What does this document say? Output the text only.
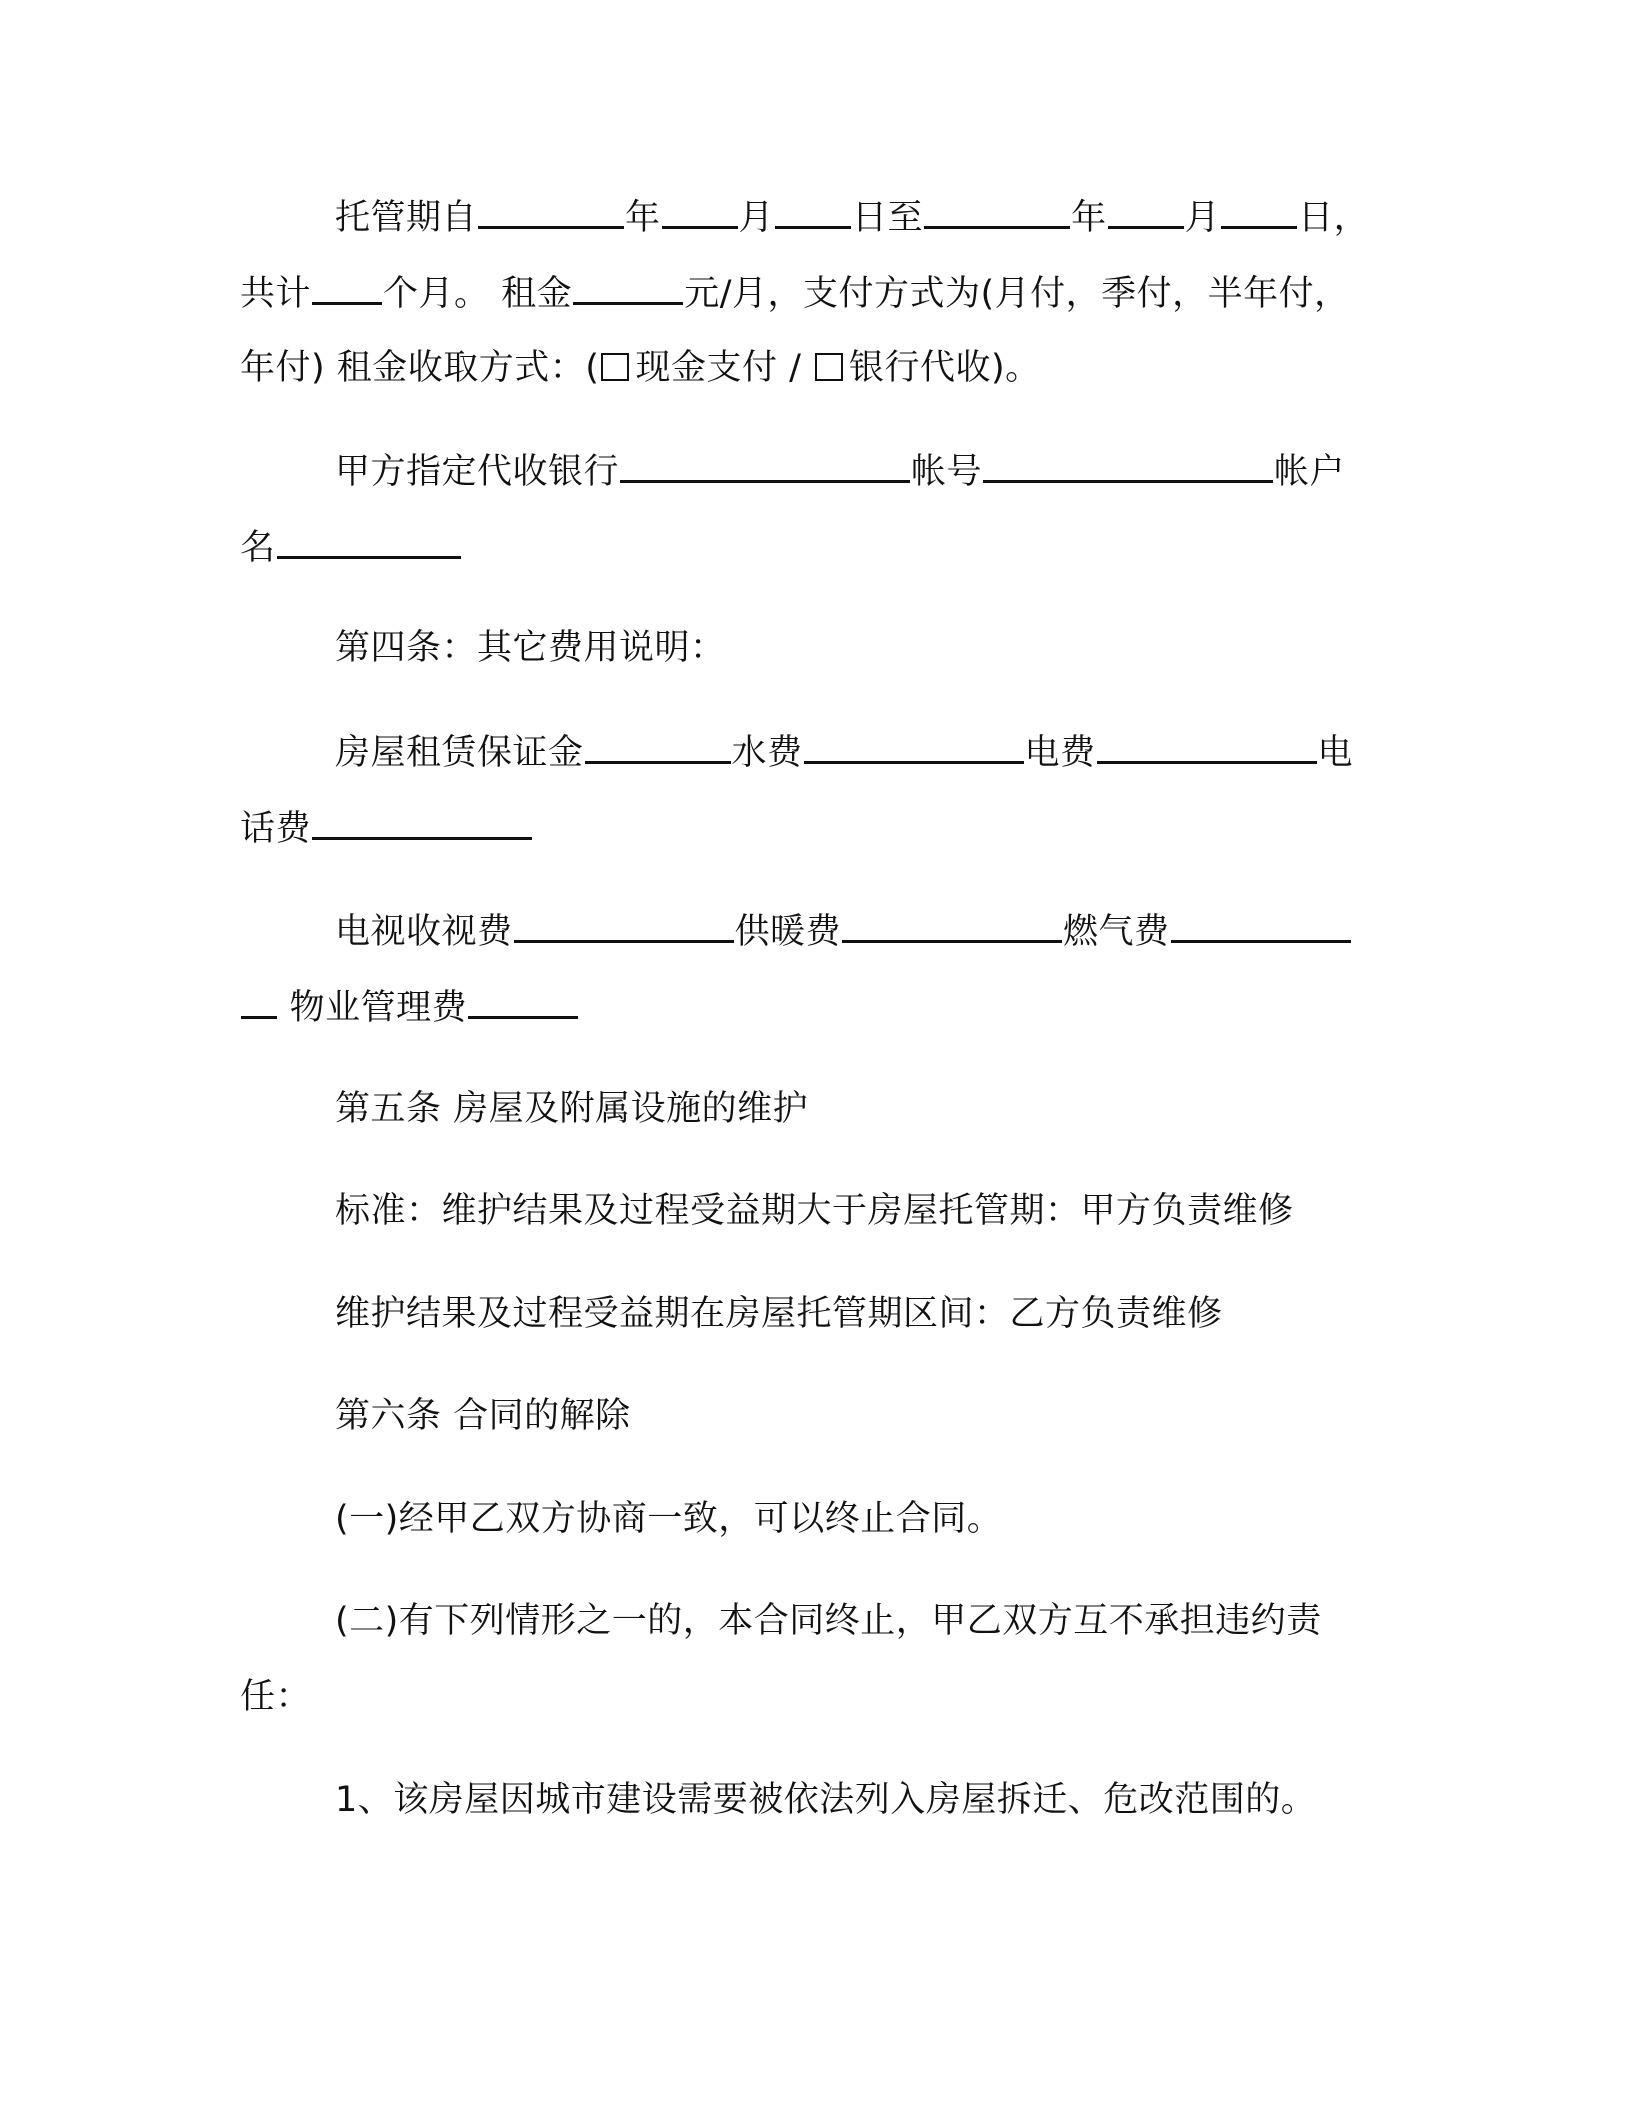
托管期自	年 月 日至	年 月 日，
共计 个月。 租金	元/月，支付方式为(月付，季付，半年付，
年付) 租金收取方式：( 现金支付 / 银行代收)。
甲方指定代收银行	帐号	帐户
名
第四条：其它费用说明：
房屋租赁保证金	水费	电费	电
话费
电视收视费	供暖费	燃气费
物业管理费
第五条 房屋及附属设施的维护
标准：维护结果及过程受益期大于房屋托管期：甲方负责维修
维护结果及过程受益期在房屋托管期区间：乙方负责维修
第六条 合同的解除
(一)经甲乙双方协商一致，可以终止合同。
(二)有下列情形之一的，本合同终止，甲乙双方互不承担违约责
任：
1、该房屋因城市建设需要被依法列入房屋拆迁、危改范围的。
